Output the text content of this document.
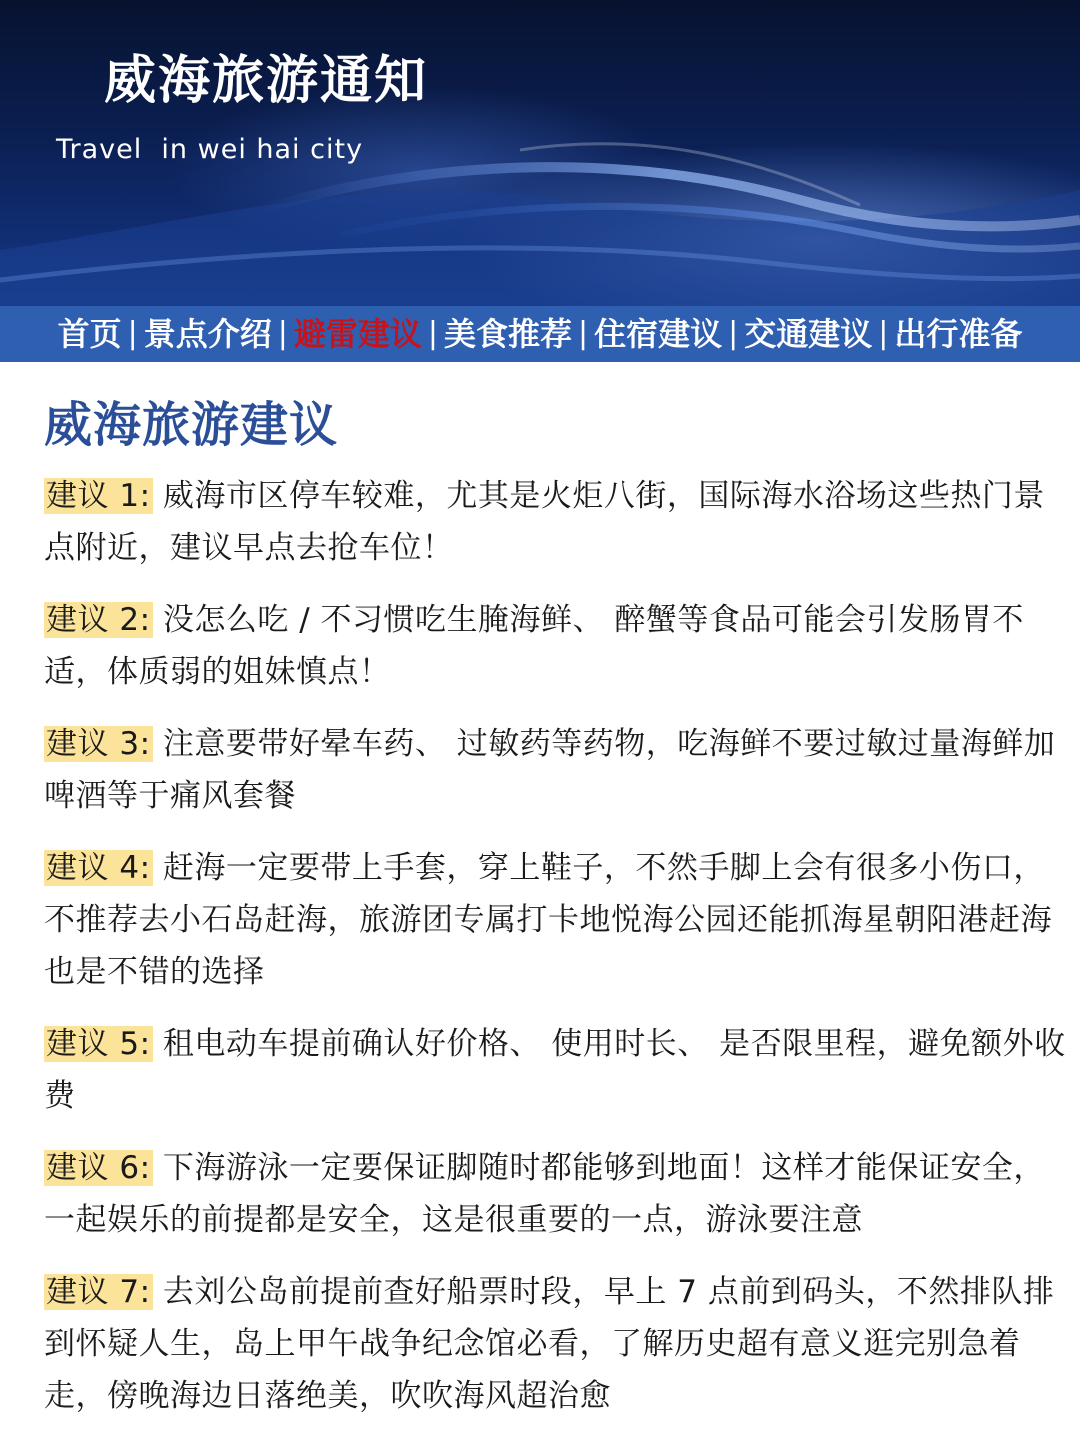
威海旅游通知
Travel  in wei hai city
首页 | 景点介绍 | 避雷建议 | 美食推荐 | 住宿建议 | 交通建议 | 出行准备
威海旅游建议
建议 1: 威海市区停车较难，尤其是火炬八街，国际海水浴场这些热门景点附近，建议早点去抢车位！
建议 2: 没怎么吃 / 不习惯吃生腌海鲜、 醉蟹等食品可能会引发肠胃不适，体质弱的姐妹慎点！
建议 3: 注意要带好晕车药、 过敏药等药物，吃海鲜不要过敏过量海鲜加啤酒等于痛风套餐
建议 4: 赶海一定要带上手套，穿上鞋子，不然手脚上会有很多小伤口，不推荐去小石岛赶海，旅游团专属打卡地悦海公园还能抓海星朝阳港赶海也是不错的选择
建议 5: 租电动车提前确认好价格、 使用时长、 是否限里程，避免额外收费
建议 6: 下海游泳一定要保证脚随时都能够到地面！这样才能保证安全，一起娱乐的前提都是安全，这是很重要的一点，游泳要注意
建议 7: 去刘公岛前提前查好船票时段，早上 7 点前到码头，不然排队排到怀疑人生，岛上甲午战争纪念馆必看，了解历史超有意义逛完别急着走，傍晚海边日落绝美，吹吹海风超治愈
